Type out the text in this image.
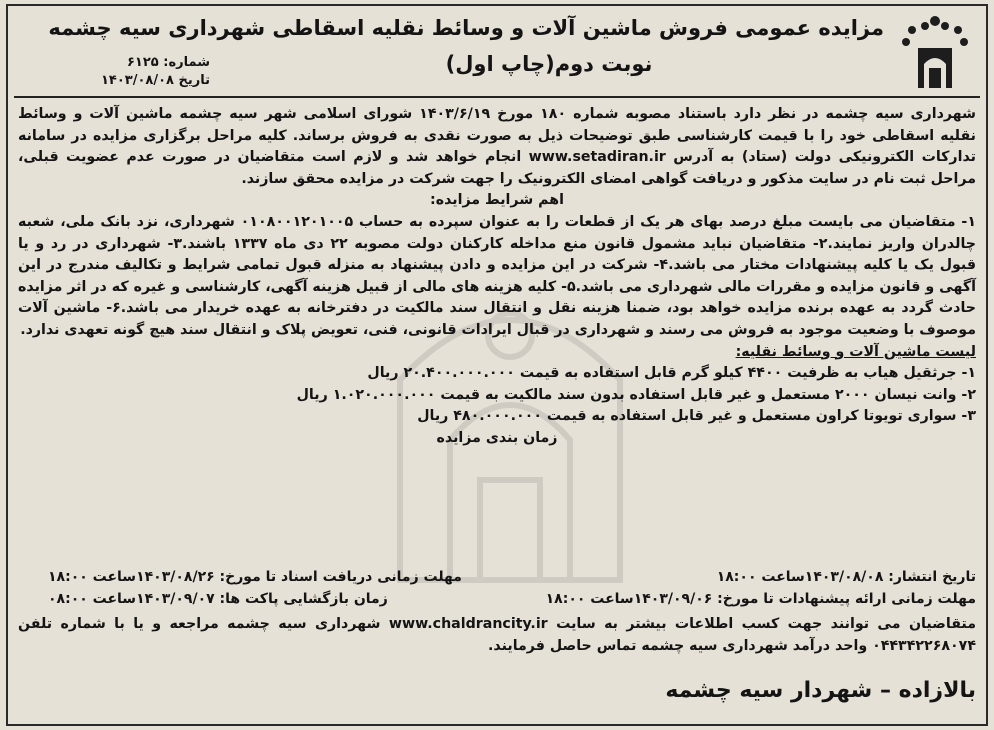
مزایده عمومی فروش ماشین آلات و وسائط نقلیه اسقاطی شهرداری سیه چشمه
نوبت دوم(چاپ اول)
شماره: ۶۱۲۵
تاریخ ۱۴۰۳/۰۸/۰۸

شهرداری سیه چشمه در نظر دارد باستناد مصوبه شماره ۱۸۰ مورخ ۱۴۰۳/۶/۱۹ شورای اسلامی شهر سیه چشمه ماشین آلات و وسائط نقلیه اسقاطی خود را با قیمت کارشناسی طبق توضیحات ذیل به صورت نقدی به فروش برساند. کلیه مراحل برگزاری مزایده در سامانه تدارکات الکترونیکی دولت (ستاد) به آدرس www.setadiran.ir انجام خواهد شد و لازم است متقاضیان در صورت عدم عضویت قبلی، مراحل ثبت نام در سایت مذکور و دریافت گواهی امضای الکترونیک را جهت شرکت در مزایده محقق سازند.

اهم شرایط مزایده:

۱- متقاضیان می بایست مبلغ درصد بهای هر یک از قطعات را به عنوان سپرده به حساب ۰۱۰۸۰۰۱۲۰۱۰۰۵ شهرداری، نزد بانک ملی، شعبه چالدران واریز نمایند.۲- متقاضیان نباید مشمول قانون منع مداخله کارکنان دولت مصوبه ۲۲ دی ماه ۱۳۳۷ باشند.۳- شهرداری در رد و یا قبول یک یا کلیه پیشنهادات مختار می باشد.۴- شرکت در این مزایده و دادن پیشنهاد به منزله قبول تمامی شرایط و تکالیف مندرج در این آگهی و قانون مزایده و مقررات مالی شهرداری می باشد.۵- کلیه هزینه های مالی از قبیل هزینه آگهی، کارشناسی و غیره که در اثر مزایده حادث گردد به عهده برنده مزایده خواهد بود، ضمنا هزینه نقل و انتقال سند مالکیت در دفترخانه به عهده خریدار می باشد.۶- ماشین آلات موصوف با وضعیت موجود به فروش می رسند و شهرداری در قبال ایرادات قانونی، فنی، تعویض پلاک و انتقال سند هیچ گونه تعهدی ندارد.

لیست ماشین آلات و وسائط نقلیه:

۱- جرثقیل هیاب به ظرفیت ۴۴۰۰ کیلو گرم قابل استفاده به قیمت ۲۰.۴۰۰.۰۰۰.۰۰۰ ریال

۲- وانت نیسان ۲۰۰۰ مستعمل و غیر قابل استفاده بدون سند مالکیت به قیمت ۱.۰۲۰.۰۰۰.۰۰۰ ریال

۳- سواری تویوتا کراون مستعمل و غیر قابل استفاده به قیمت ۴۸۰.۰۰۰.۰۰۰ ریال

زمان بندی مزایده

تاریخ انتشار: ۱۴۰۳/۰۸/۰۸ساعت ۱۸:۰۰
مهلت زمانی دریافت اسناد تا مورخ: ۱۴۰۳/۰۸/۲۶ساعت ۱۸:۰۰
مهلت زمانی ارائه پیشنهادات تا مورخ: ۱۴۰۳/۰۹/۰۶ساعت ۱۸:۰۰
زمان بازگشایی پاکت ها: ۱۴۰۳/۰۹/۰۷ساعت ۰۸:۰۰
متقاضیان می توانند جهت کسب اطلاعات بیشتر به سایت www.chaldrancity.ir شهرداری سیه چشمه مراجعه و یا با شماره تلفن ۰۴۴۳۴۲۲۶۸۰۷۴ واحد درآمد شهرداری سیه چشمه تماس حاصل فرمایند.
بالازاده – شهردار سیه چشمه
